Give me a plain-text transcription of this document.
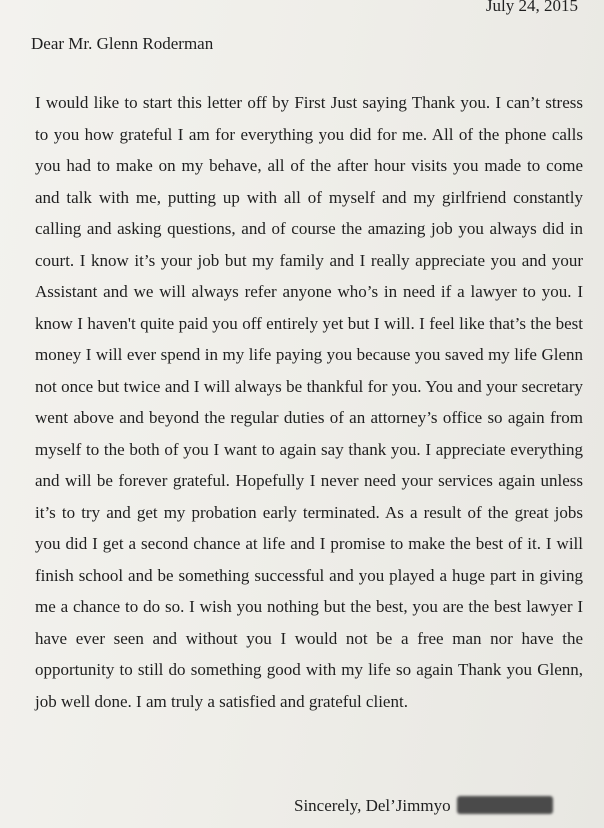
July 24, 2015
Dear Mr. Glenn Roderman

I would like to start this letter off by First Just saying Thank you. I can’t stress to you how grateful I am for everything you did for me. All of the phone calls you had to make on my behave, all of the after hour visits you made to come and talk with me, putting up with all of myself and my girlfriend constantly calling and asking questions, and of course the amazing job you always did in court. I know it’s your job but my family and I really appreciate you and your Assistant and we will always refer anyone who’s in need if a lawyer to you. I know I haven't quite paid you off entirely yet but I will. I feel like that’s the best money I will ever spend in my life paying you because you saved my life Glenn not once but twice and I will always be thankful for you. You and your secretary went above and beyond the regular duties of an attorney’s office so again from myself to the both of you I want to again say thank you. I appreciate everything and will be forever grateful. Hopefully I never need your services again unless it’s to try and get my probation early terminated. As a result of the great jobs you did I get a second chance at life and I promise to make the best of it. I will finish school and be something successful and you played a huge part in giving me a chance to do so. I wish you nothing but the best, you are the best lawyer I have ever seen and without you I would not be a free man nor have the opportunity to still do something good with my life so again Thank you Glenn, job well done. I am truly a satisfied and grateful client.

Sincerely, Del’Jimmyo
